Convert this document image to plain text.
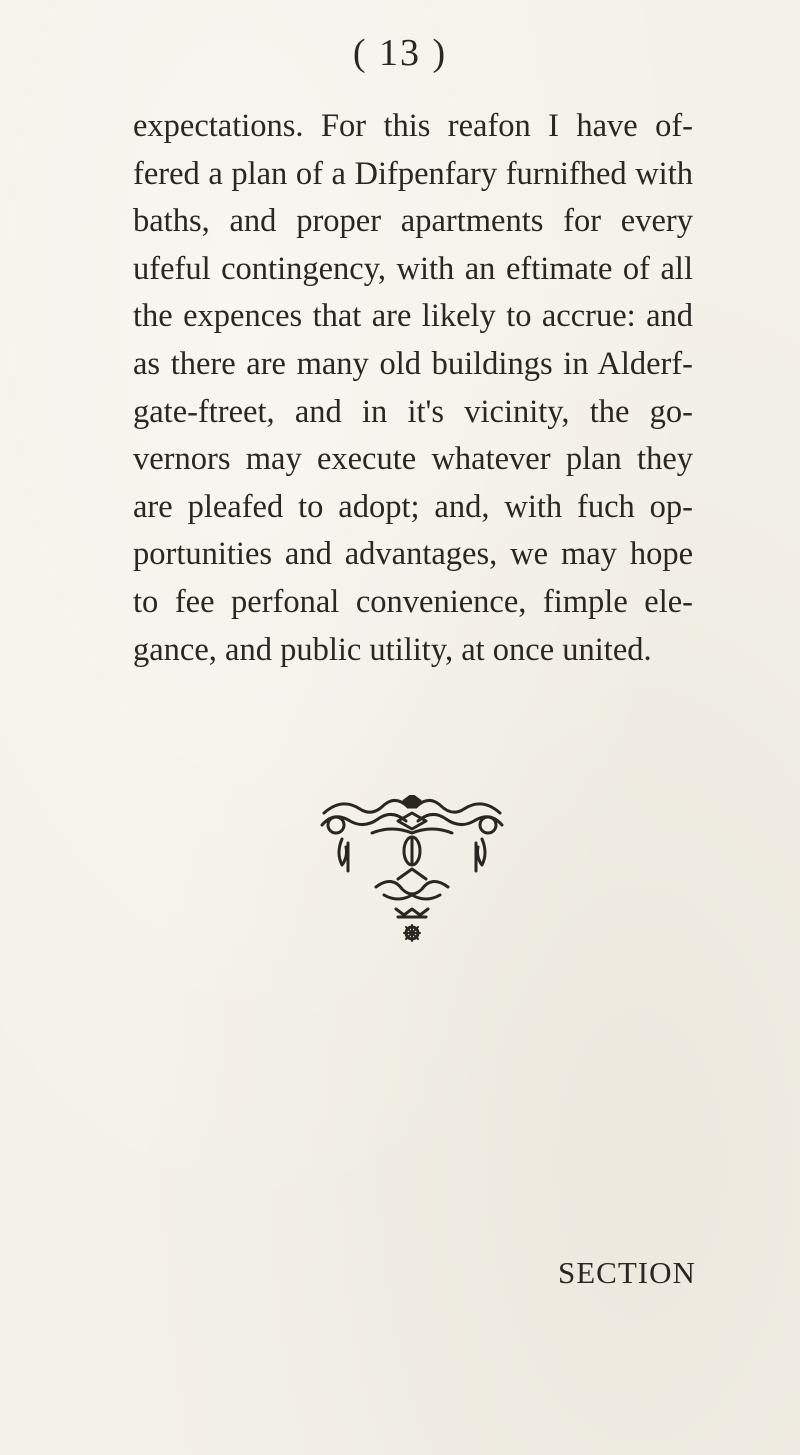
( 13 )
expectations. For this reafon I have of-
fered a plan of a Difpenfary furnifhed with
baths, and proper apartments for every
ufeful contingency, with an eftimate of all
the expences that are likely to accrue: and
as there are many old buildings in Alderf-
gate-ftreet, and in it's vicinity, the go-
vernors may execute whatever plan they
are pleafed to adopt; and, with fuch op-
portunities and advantages, we may hope
to fee perfonal convenience, fimple ele-
gance, and public utility, at once united.
SECTION
